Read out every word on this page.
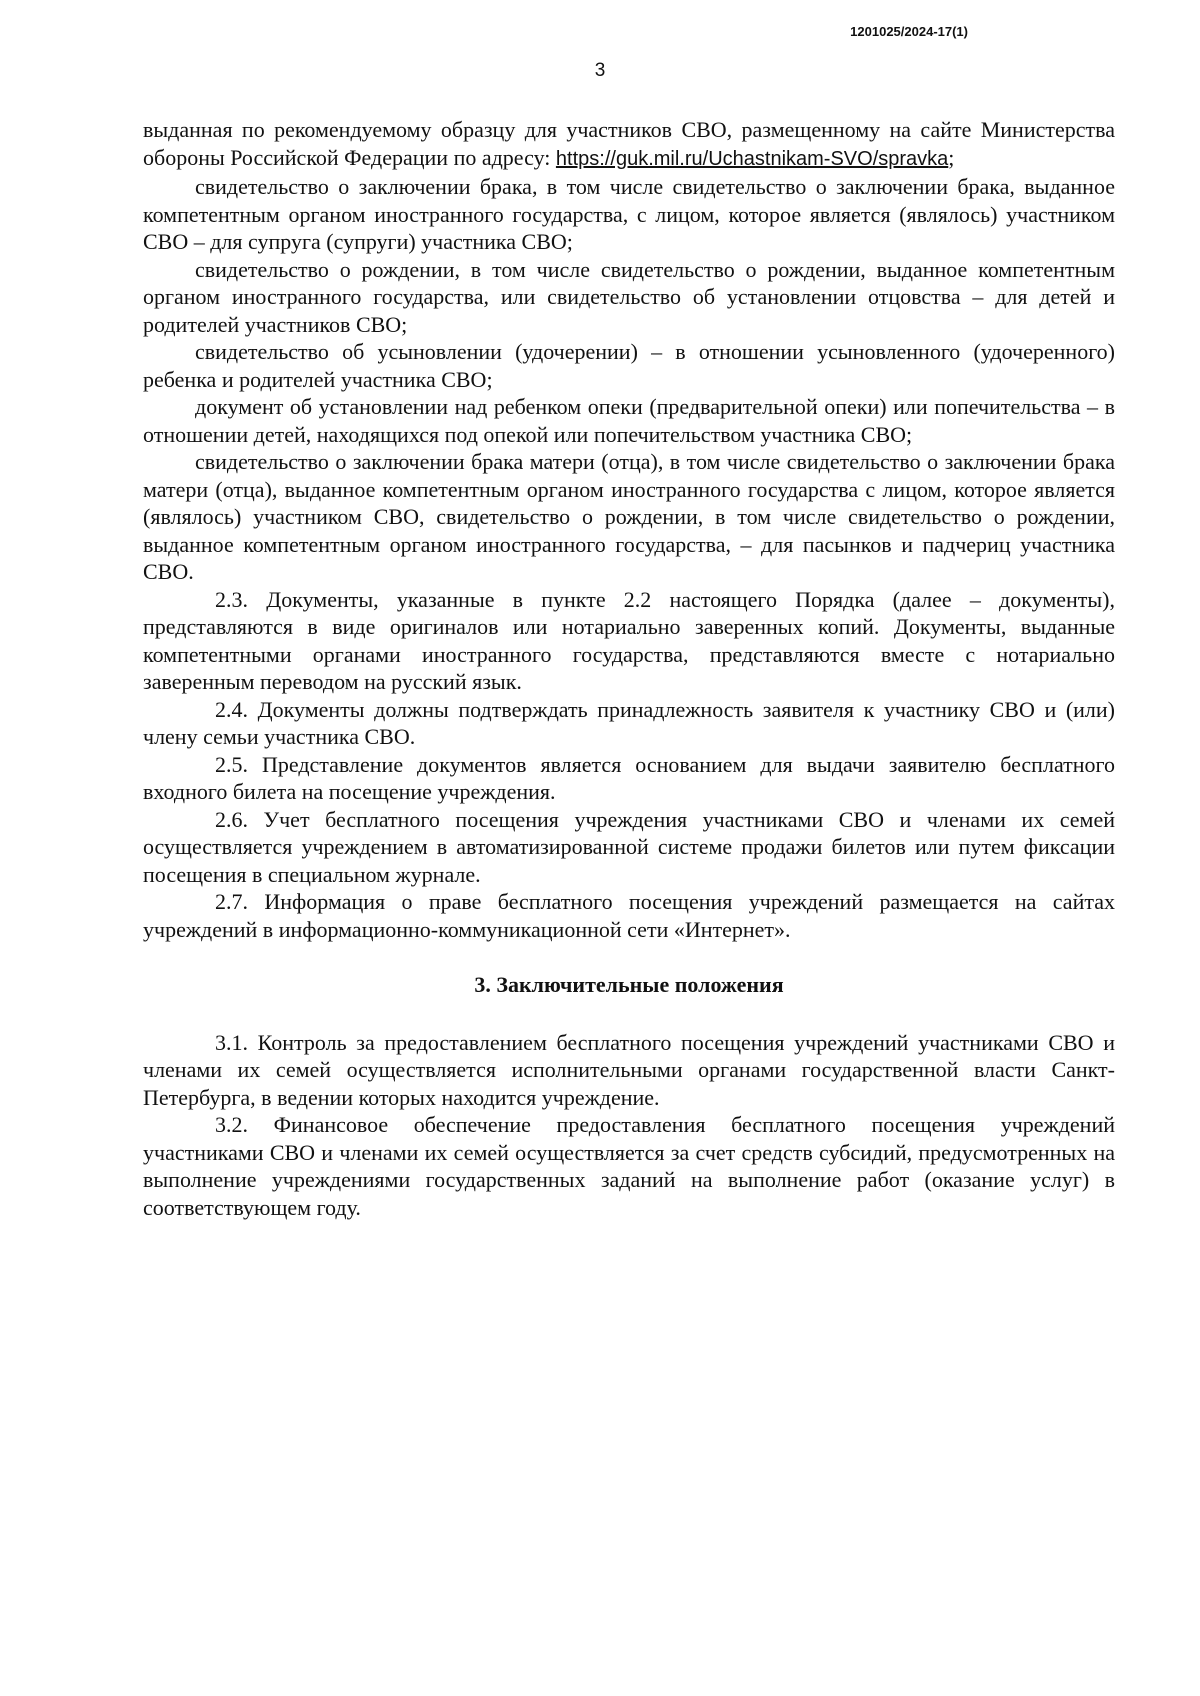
1201025/2024-17(1)
3

выданная по рекомендуемому образцу для участников СВО, размещенному на сайте Министерства обороны Российской Федерации по адресу: https://guk.mil.ru/Uchastnikam-SVO/spravka;

свидетельство о заключении брака, в том числе свидетельство о заключении брака, выданное компетентным органом иностранного государства, с лицом, которое является (являлось) участником СВО – для супруга (супруги) участника СВО;

свидетельство о рождении, в том числе свидетельство о рождении, выданное компетентным органом иностранного государства, или свидетельство об установлении отцовства – для детей и родителей участников СВО;

свидетельство об усыновлении (удочерении) – в отношении усыновленного (удочеренного) ребенка и родителей участника СВО;

документ об установлении над ребенком опеки (предварительной опеки) или попечительства – в отношении детей, находящихся под опекой или попечительством участника СВО;

свидетельство о заключении брака матери (отца), в том числе свидетельство о заключении брака матери (отца), выданное компетентным органом иностранного государства с лицом, которое является (являлось) участником СВО, свидетельство о рождении, в том числе свидетельство о рождении, выданное компетентным органом иностранного государства, – для пасынков и падчериц участника СВО.

2.3. Документы, указанные в пункте 2.2 настоящего Порядка (далее – документы), представляются в виде оригиналов или нотариально заверенных копий. Документы, выданные компетентными органами иностранного государства, представляются вместе с нотариально заверенным переводом на русский язык.

2.4. Документы должны подтверждать принадлежность заявителя к участнику СВО и (или) члену семьи участника СВО.

2.5. Представление документов является основанием для выдачи заявителю бесплатного входного билета на посещение учреждения.

2.6. Учет бесплатного посещения учреждения участниками СВО и членами их семей осуществляется учреждением в автоматизированной системе продажи билетов или путем фиксации посещения в специальном журнале.

2.7. Информация о праве бесплатного посещения учреждений размещается на сайтах учреждений в информационно-коммуникационной сети «Интернет».

3. Заключительные положения

3.1. Контроль за предоставлением бесплатного посещения учреждений участниками СВО и членами их семей осуществляется исполнительными органами государственной власти Санкт-Петербурга, в ведении которых находится учреждение.

3.2. Финансовое обеспечение предоставления бесплатного посещения учреждений участниками СВО и членами их семей осуществляется за счет средств субсидий, предусмотренных на выполнение учреждениями государственных заданий на выполнение работ (оказание услуг) в соответствующем году.
